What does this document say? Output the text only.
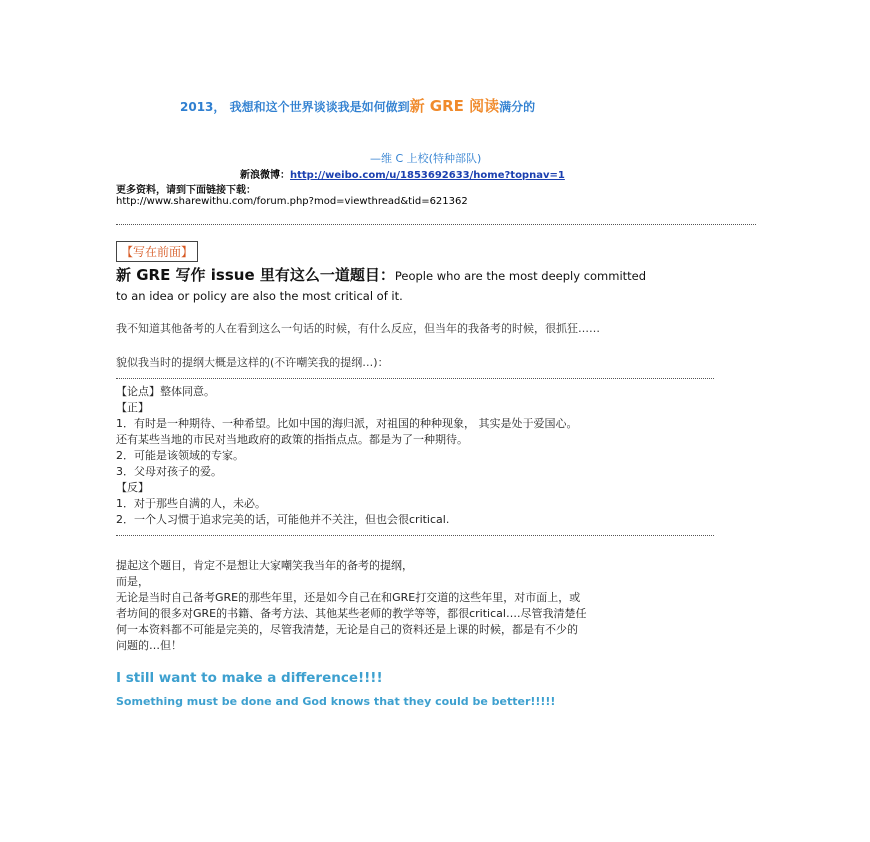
2013， 我想和这个世界谈谈我是如何做到新 GRE 阅读满分的
—维 C 上校(特种部队)
新浪微博：http://weibo.com/u/1853692633/home?topnav=1
更多资料，请到下面链接下载：
http://www.sharewithu.com/forum.php?mod=viewthread&tid=621362
【写在前面】
新 GRE 写作 issue 里有这么一道题目：People who are the most deeply committed
to an idea or policy are also the most critical of it.
我不知道其他备考的人在看到这么一句话的时候，有什么反应，但当年的我备考的时候，很抓狂……
貌似我当时的提纲大概是这样的(不许嘲笑我的提纲…)：
【论点】整体同意。
【正】
1．有时是一种期待、一种希望。比如中国的海归派，对祖国的种种现象， 其实是处于爱国心。
还有某些当地的市民对当地政府的政策的指指点点。都是为了一种期待。
2．可能是该领域的专家。
3．父母对孩子的爱。
【反】
1．对于那些自满的人，未必。
2．一个人习惯于追求完美的话，可能他并不关注，但也会很critical.
提起这个题目，肯定不是想让大家嘲笑我当年的备考的提纲，
而是，
无论是当时自己备考GRE的那些年里，还是如今自己在和GRE打交道的这些年里，对市面上，或
者坊间的很多对GRE的书籍、备考方法、其他某些老师的教学等等，都很critical….尽管我清楚任
何一本资料都不可能是完美的，尽管我清楚，无论是自己的资料还是上课的时候，都是有不少的
问题的…但！
I still want to make a difference!!!!
Something must be done and God knows that they could be better!!!!!
